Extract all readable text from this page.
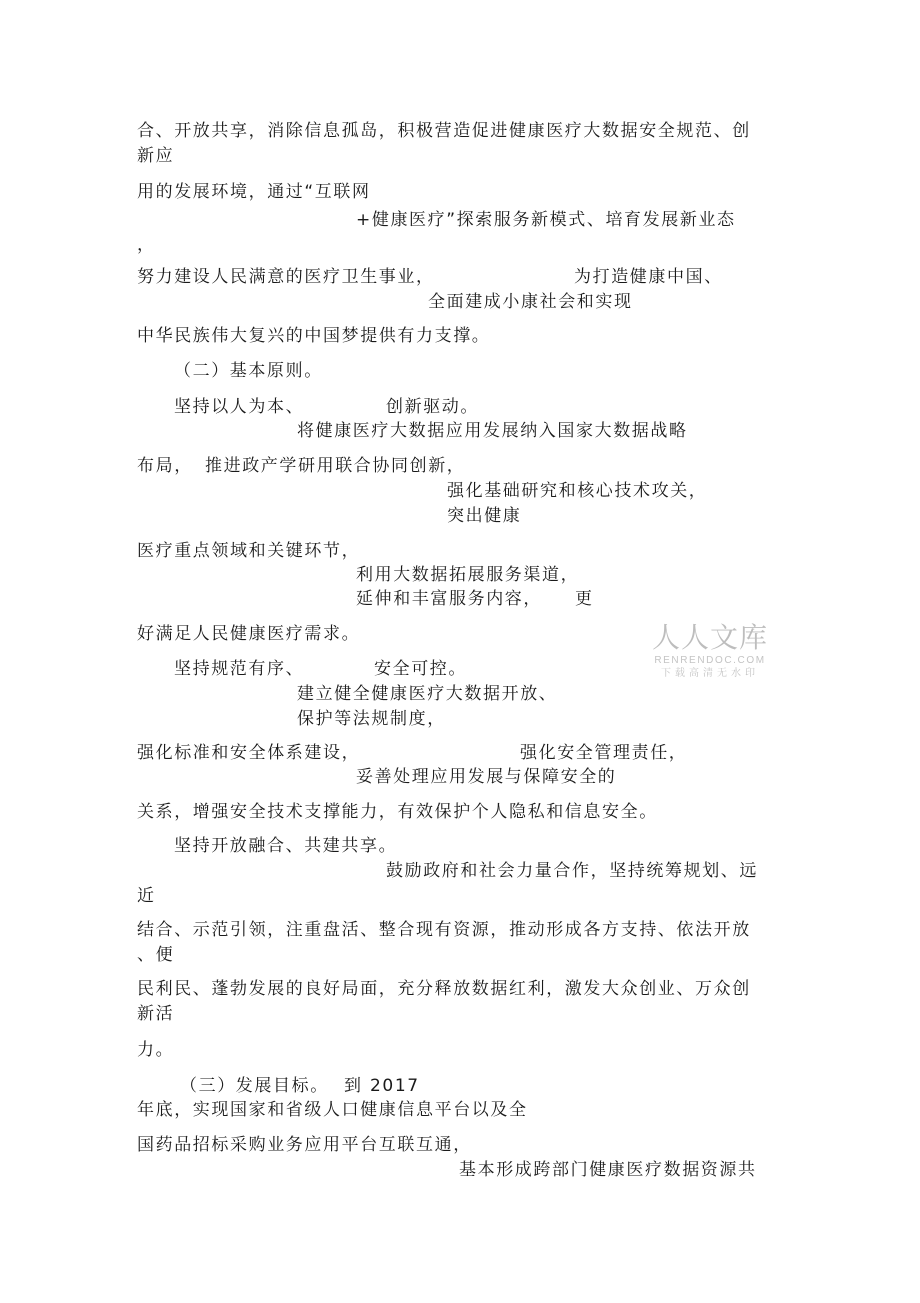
合、开放共享，消除信息孤岛，积极营造促进健康医疗大数据安全规范、创
新应
用的发展环境，通过“互联网
+健康医疗”探索服务新模式、培育发展新业态
，
努力建设人民满意的医疗卫生事业，	为打造健康中国、
全面建成小康社会和实现
中华民族伟大复兴的中国梦提供有力支撑。
（二）基本原则。
坚持以人为本、	创新驱动。
将健康医疗大数据应用发展纳入国家大数据战略
布局， 推进政产学研用联合协同创新，
强化基础研究和核心技术攻关，
突出健康
医疗重点领域和关键环节，
利用大数据拓展服务渠道，
延伸和丰富服务内容， 更
好满足人民健康医疗需求。
坚持规范有序、	安全可控。
建立健全健康医疗大数据开放、
保护等法规制度，
强化标准和安全体系建设，	强化安全管理责任，
妥善处理应用发展与保障安全的
关系，增强安全技术支撑能力，有效保护个人隐私和信息安全。
坚持开放融合、共建共享。
鼓励政府和社会力量合作，坚持统筹规划、远
近
结合、示范引领，注重盘活、整合现有资源，推动形成各方支持、依法开放
、便
民利民、蓬勃发展的良好局面，充分释放数据红利，激发大众创业、万众创
新活
力。
（三）发展目标。 到 2017
年底，实现国家和省级人口健康信息平台以及全
国药品招标采购业务应用平台互联互通，
基本形成跨部门健康医疗数据资源共
人人文库
RENRENDOC.COM
下载高清无水印
